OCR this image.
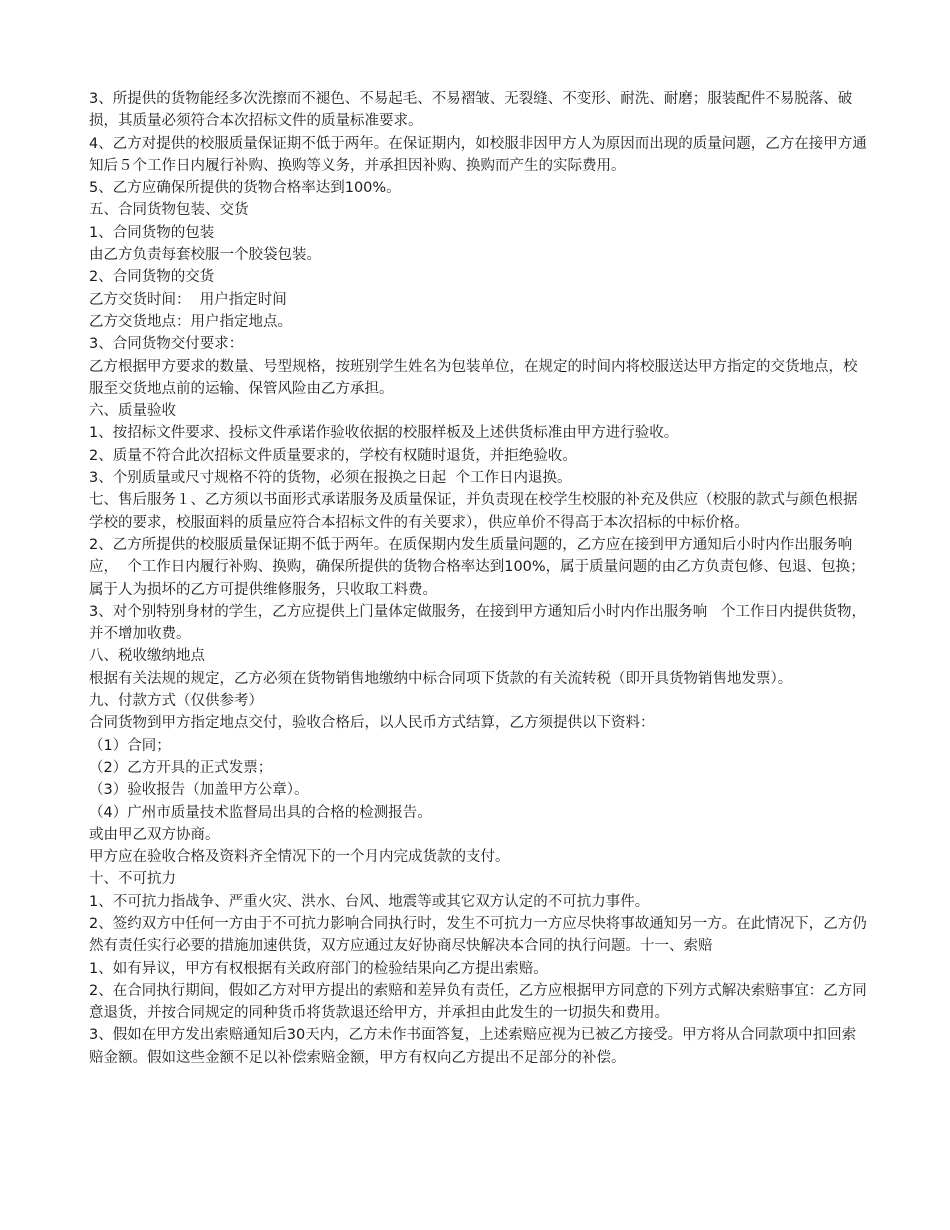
3、所提供的货物能经多次洗擦而不褪色、不易起毛、不易褶皱、无裂缝、不变形、耐洗、耐磨；服装配件不易脱落、破损，其质量必须符合本次招标文件的质量标准要求。

4、乙方对提供的校服质量保证期不低于两年。在保证期内，如校服非因甲方人为原因而出现的质量问题，乙方在接甲方通知后５个工作日内履行补购、换购等义务，并承担因补购、换购而产生的实际费用。

5、乙方应确保所提供的货物合格率达到100%。

五、合同货物包装、交货

1、合同货物的包装

由乙方负责每套校服一个胶袋包装。

2、合同货物的交货

乙方交货时间：  用户指定时间

乙方交货地点：用户指定地点。

3、合同货物交付要求：

乙方根据甲方要求的数量、号型规格，按班别学生姓名为包装单位，在规定的时间内将校服送达甲方指定的交货地点，校服至交货地点前的运输、保管风险由乙方承担。

六、质量验收

1、按招标文件要求、投标文件承诺作验收依据的校服样板及上述供货标准由甲方进行验收。

2、质量不符合此次招标文件质量要求的，学校有权随时退货，并拒绝验收。

3、个别质量或尺寸规格不符的货物，必须在报换之日起  个工作日内退换。

七、售后服务１、乙方须以书面形式承诺服务及质量保证，并负责现在校学生校服的补充及供应（校服的款式与颜色根据学校的要求，校服面料的质量应符合本招标文件的有关要求），供应单价不得高于本次招标的中标价格。

2、乙方所提供的校服质量保证期不低于两年。在质保期内发生质量问题的，乙方应在接到甲方通知后小时内作出服务响应，  个工作日内履行补购、换购，确保所提供的货物合格率达到100%，属于质量问题的由乙方负责包修、包退、包换；属于人为损坏的乙方可提供维修服务，只收取工料费。

3、对个别特别身材的学生，乙方应提供上门量体定做服务，在接到甲方通知后小时内作出服务响   个工作日内提供货物，并不增加收费。

八、税收缴纳地点

根据有关法规的规定，乙方必须在货物销售地缴纳中标合同项下货款的有关流转税（即开具货物销售地发票）。

九、付款方式（仅供参考）

合同货物到甲方指定地点交付，验收合格后，以人民币方式结算，乙方须提供以下资料：

（1）合同；

（2）乙方开具的正式发票；

（3）验收报告（加盖甲方公章）。

（4）广州市质量技术监督局出具的合格的检测报告。

或由甲乙双方协商。

甲方应在验收合格及资料齐全情况下的一个月内完成货款的支付。

十、不可抗力

1、不可抗力指战争、严重火灾、洪水、台风、地震等或其它双方认定的不可抗力事件。

2、签约双方中任何一方由于不可抗力影响合同执行时，发生不可抗力一方应尽快将事故通知另一方。在此情况下，乙方仍然有责任实行必要的措施加速供货，双方应通过友好协商尽快解决本合同的执行问题。十一、索赔

1、如有异议，甲方有权根据有关政府部门的检验结果向乙方提出索赔。

2、在合同执行期间，假如乙方对甲方提出的索赔和差异负有责任，乙方应根据甲方同意的下列方式解决索赔事宜：乙方同意退货，并按合同规定的同种货币将货款退还给甲方，并承担由此发生的一切损失和费用。

3、假如在甲方发出索赔通知后30天内，乙方未作书面答复，上述索赔应视为已被乙方接受。甲方将从合同款项中扣回索赔金额。假如这些金额不足以补偿索赔金额，甲方有权向乙方提出不足部分的补偿。
